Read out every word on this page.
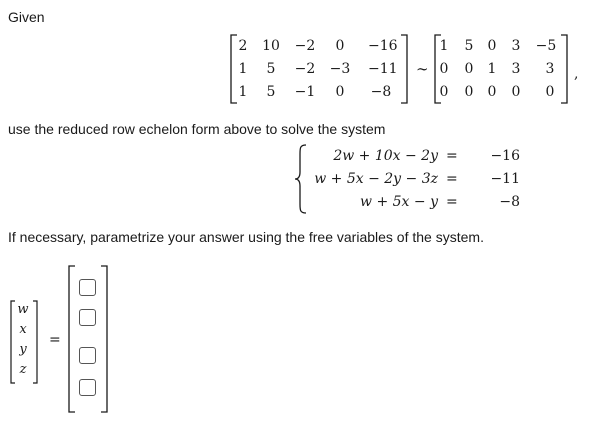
Given
2	10 −2	0	−16
1	5	−2 −3 −11
1	5	−1	0	−8
∼
1	5	0	3	−5
0	0	1	3	3
0	0	0	0	0
,
use the reduced row echelon form above to solve the system
2w + 10x − 2y = −16
w + 5x − 2y − 3z = −11
w + 5x − y =	−8
If necessary, parametrize your answer using the free variables of the system.
w
x
y
z
=
